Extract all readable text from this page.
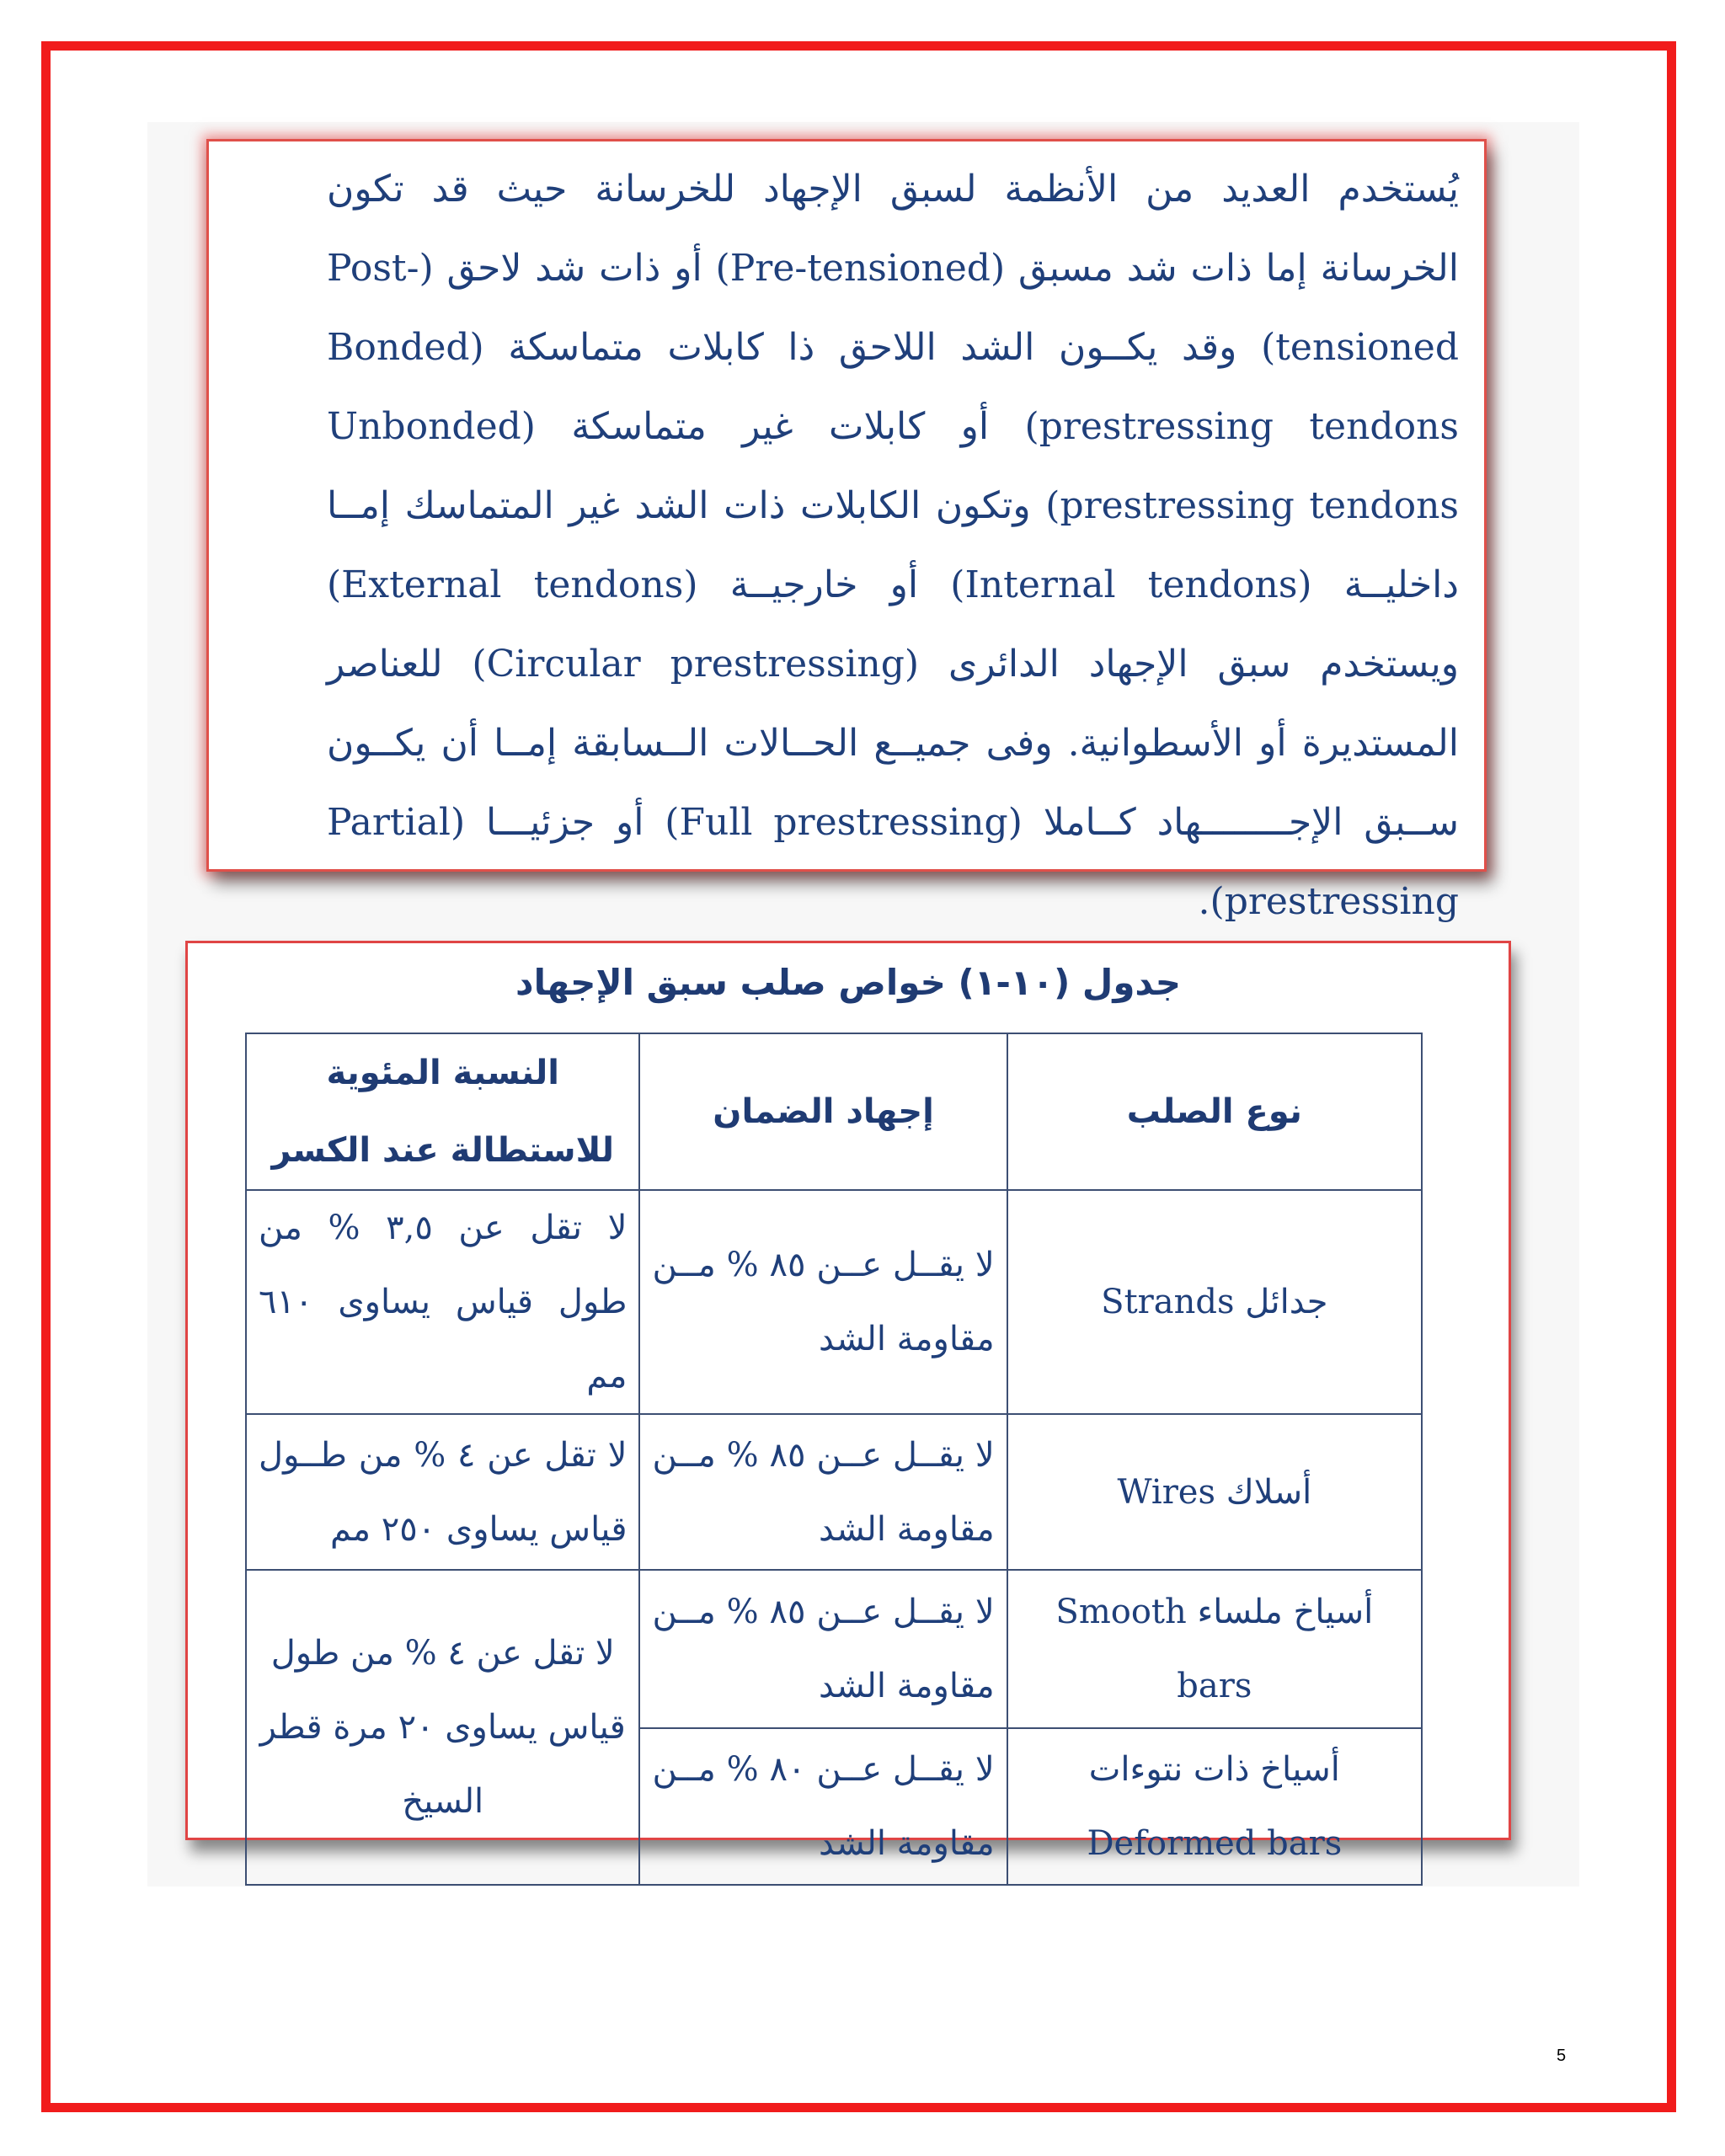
يُستخدم العديد من الأنظمة لسبق الإجهاد للخرسانة حيث قد تكون الخرسانة إما ذات شد مسبق (Pre-tensioned) أو ذات شد لاحق (Post-tensioned) وقد يكــون الشد اللاحق ذا كابلات متماسكة (Bonded prestressing tendons) أو كابلات غير متماسكة (Unbonded prestressing tendons) وتكون الكابلات ذات الشد غير المتماسك إمــا داخليــة (Internal tendons) أو خارجيــة (External tendons) ويستخدم سبق الإجهاد الدائرى (Circular prestressing) للعناصر المستديرة أو الأسطوانية. وفى جميــع الحــالات الــسابقة إمــا أن يكــون ســبق الإجــــــــهاد كــاملا (Full prestressing) أو جزئيـــا (Partial prestressing).
جدول (١٠-١) خواص صلب سبق الإجهاد
نوع الصلب	إجهاد الضمان	النسبة المئوية للاستطالة عند الكسر
جدائل Strands	لا يقــل عــن ٨٥ % مــن مقاومة الشد	لا تقل عن ٣,٥ % من طول قياس يساوى ٦١٠ مم
أسلاك Wires	لا يقــل عــن ٨٥ % مــن مقاومة الشد	لا تقل عن ٤ % من طــول قياس يساوى ٢٥٠ مم
أسياخ ملساء Smooth bars	لا يقــل عــن ٨٥ % مــن مقاومة الشد	لا تقل عن ٤ % من طول قياس يساوى ٢٠ مرة قطر السيخ
أسياخ ذات نتوءات Deformed bars	لا يقــل عــن ٨٠ % مــن مقاومة الشد	
5
